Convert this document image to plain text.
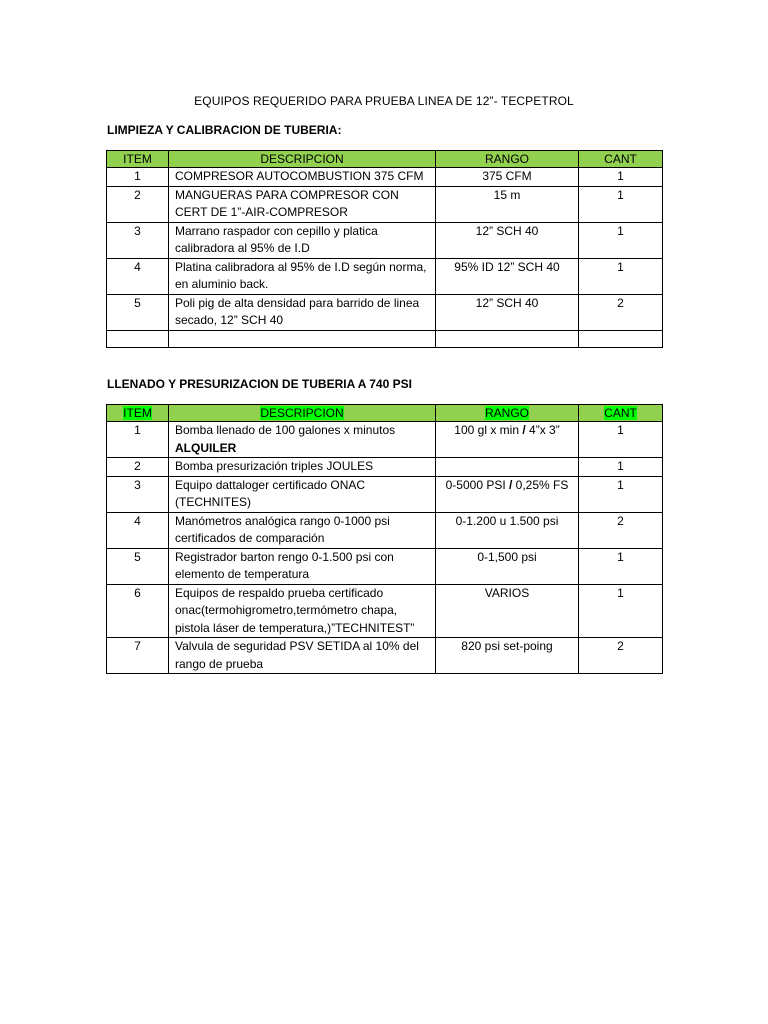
EQUIPOS REQUERIDO PARA PRUEBA LINEA DE 12”- TECPETROL
LIMPIEZA Y CALIBRACION DE TUBERIA:
ITEM	DESCRIPCION	RANGO	CANT
1	COMPRESOR AUTOCOMBUSTION 375 CFM	375 CFM	1
2	MANGUERAS PARA COMPRESOR CON CERT DE 1”-AIR-COMPRESOR	15 m	1
3	Marrano raspador con cepillo y platica calibradora al 95% de I.D	12” SCH 40	1
4	Platina calibradora al 95% de I.D según norma, en aluminio back.	95% ID 12” SCH 40	1
5	Poli pig de alta densidad para barrido de linea secado, 12” SCH 40	12” SCH 40	2

LLENADO Y PRESURIZACION DE TUBERIA A 740 PSI
ITEM	DESCRIPCION	RANGO	CANT
1	Bomba llenado de 100 galones x minutos
ALQUILER	100 gl x min / 4”x 3”	1
2	Bomba presurización triples JOULES		1
3	Equipo dattaloger certificado ONAC (TECHNITES)	0-5000 PSI / 0,25% FS	1
4	Manómetros analógica rango 0-1000 psi certificados de comparación	0-1.200 u 1.500 psi	2
5	Registrador barton rengo 0-1.500 psi con elemento de temperatura	0-1,500 psi	1
6	Equipos de respaldo prueba certificado onac(termohigrometro,termómetro chapa, pistola láser de temperatura,)”TECHNITEST”	VARIOS	1
7	Valvula de seguridad PSV SETIDA al 10% del rango de prueba	820 psi set-poing	2
